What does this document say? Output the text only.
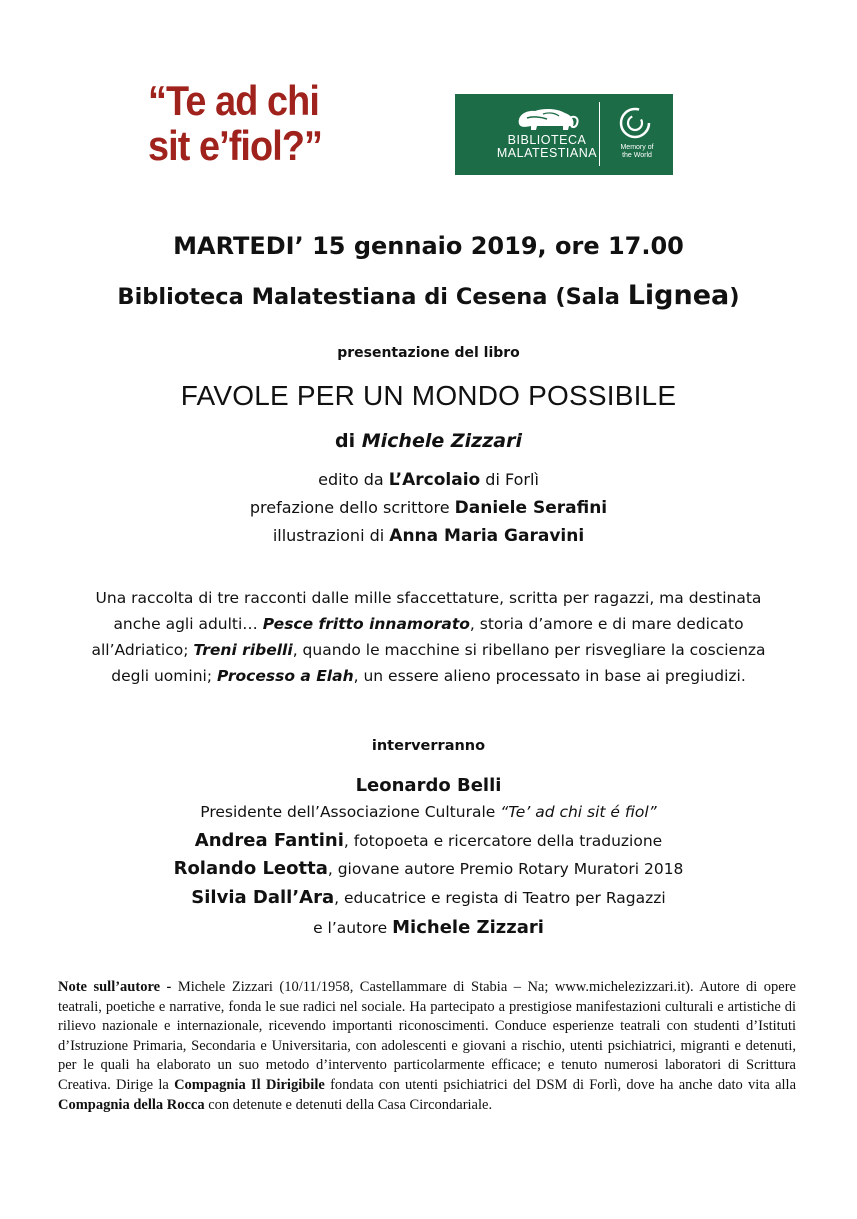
“Te ad chi
sit e’fiol?”	BIBLIOTECA
MALATESTIANA	Memory of
the World
MARTEDI’ 15 gennaio 2019, ore 17.00
Biblioteca Malatestiana di Cesena (Sala Lignea)
presentazione del libro
FAVOLE PER UN MONDO POSSIBILE
di Michele Zizzari
edito da L’Arcolaio di Forlì
prefazione dello scrittore Daniele Serafini
illustrazioni di Anna Maria Garavini
Una raccolta di tre racconti dalle mille sfaccettature, scritta per ragazzi, ma destinata anche agli adulti… Pesce fritto innamorato, storia d’amore e di mare dedicato all’Adriatico; Treni ribelli, quando le macchine si ribellano per risvegliare la coscienza degli uomini; Processo a Elah, un essere alieno processato in base ai pregiudizi.
interverranno
Leonardo Belli
Presidente dell’Associazione Culturale “Te’ ad chi sit é fiol”
Andrea Fantini, fotopoeta e ricercatore della traduzione
Rolando Leotta, giovane autore Premio Rotary Muratori 2018
Silvia Dall’Ara, educatrice e regista di Teatro per Ragazzi
e l’autore Michele Zizzari
Note sull’autore - Michele Zizzari (10/11/1958, Castellammare di Stabia – Na; www.michelezizzari.it). Autore di opere teatrali, poetiche e narrative, fonda le sue radici nel sociale. Ha partecipato a prestigiose manifestazioni culturali e artistiche di rilievo nazionale e internazionale, ricevendo importanti riconoscimenti. Conduce esperienze teatrali con studenti d’Istituti d’Istruzione Primaria, Secondaria e Universitaria, con adolescenti e giovani a rischio, utenti psichiatrici, migranti e detenuti, per le quali ha elaborato un suo metodo d’intervento particolarmente efficace; e tenuto numerosi laboratori di Scrittura Creativa. Dirige la Compagnia Il Dirigibile fondata con utenti psichiatrici del DSM di Forlì, dove ha anche dato vita alla Compagnia della Rocca con detenute e detenuti della Casa Circondariale.
